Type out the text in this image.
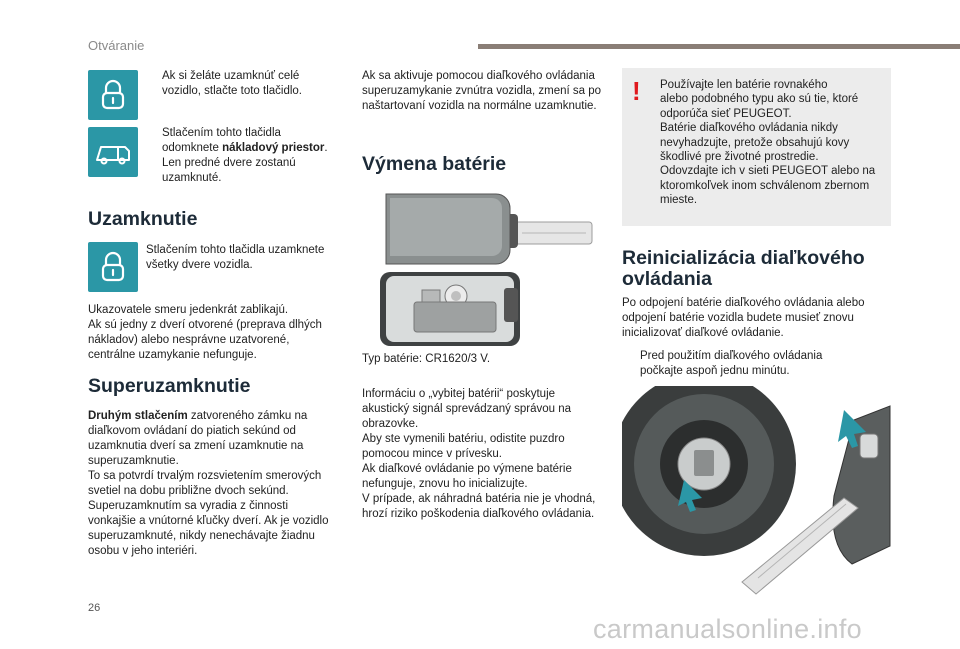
Otváranie
Ak si želáte uzamknúť celé
vozidlo, stlačte toto tlačidlo.
Stlačením tohto tlačidla
odomknete nákladový priestor.
Len predné dvere zostanú
uzamknuté.
Uzamknutie
Stlačením tohto tlačidla uzamknete
všetky dvere vozidla.
Ukazovatele smeru jedenkrát zablikajú.
Ak sú jedny z dverí otvorené (preprava dlhých
nákladov) alebo nesprávne uzatvorené,
centrálne uzamykanie nefunguje.
Superuzamknutie
Druhým stlačením zatvoreného zámku na
diaľkovom ovládaní do piatich sekúnd od
uzamknutia dverí sa zmení uzamknutie na
superuzamknutie.
To sa potvrdí trvalým rozsvietením smerových
svetiel na dobu približne dvoch sekúnd.
Superuzamknutím sa vyradia z činnosti
vonkajšie a vnútorné kľučky dverí. Ak je vozidlo
superuzamknuté, nikdy nenechávajte žiadnu
osobu v jeho interiéri.
Ak sa aktivuje pomocou diaľkového ovládania
superuzamykanie zvnútra vozidla, zmení sa po
naštartovaní vozidla na normálne uzamknutie.
Výmena batérie
Typ batérie: CR1620/3 V.
Informáciu o „vybitej batérii“ poskytuje
akustický signál sprevádzaný správou na
obrazovke.
Aby ste vymenili batériu, odistite puzdro
pomocou mince v prívesku.
Ak diaľkové ovládanie po výmene batérie
nefunguje, znovu ho inicializujte.
V prípade, ak náhradná batéria nie je vhodná,
hrozí riziko poškodenia diaľkového ovládania.
! Používajte len batérie rovnakého
alebo podobného typu ako sú tie, ktoré
odporúča sieť PEUGEOT.
Batérie diaľkového ovládania nikdy
nevyhadzujte, pretože obsahujú kovy
škodlivé pre životné prostredie.
Odovzdajte ich v sieti PEUGEOT alebo na
ktoromkoľvek inom schválenom zbernom
mieste.
Reinicializácia diaľkového
ovládania
Po odpojení batérie diaľkového ovládania alebo
odpojení batérie vozidla budete musieť znovu
inicializovať diaľkové ovládanie.
Pred použitím diaľkového ovládania
počkajte aspoň jednu minútu.
26
carmanualsonline.info
